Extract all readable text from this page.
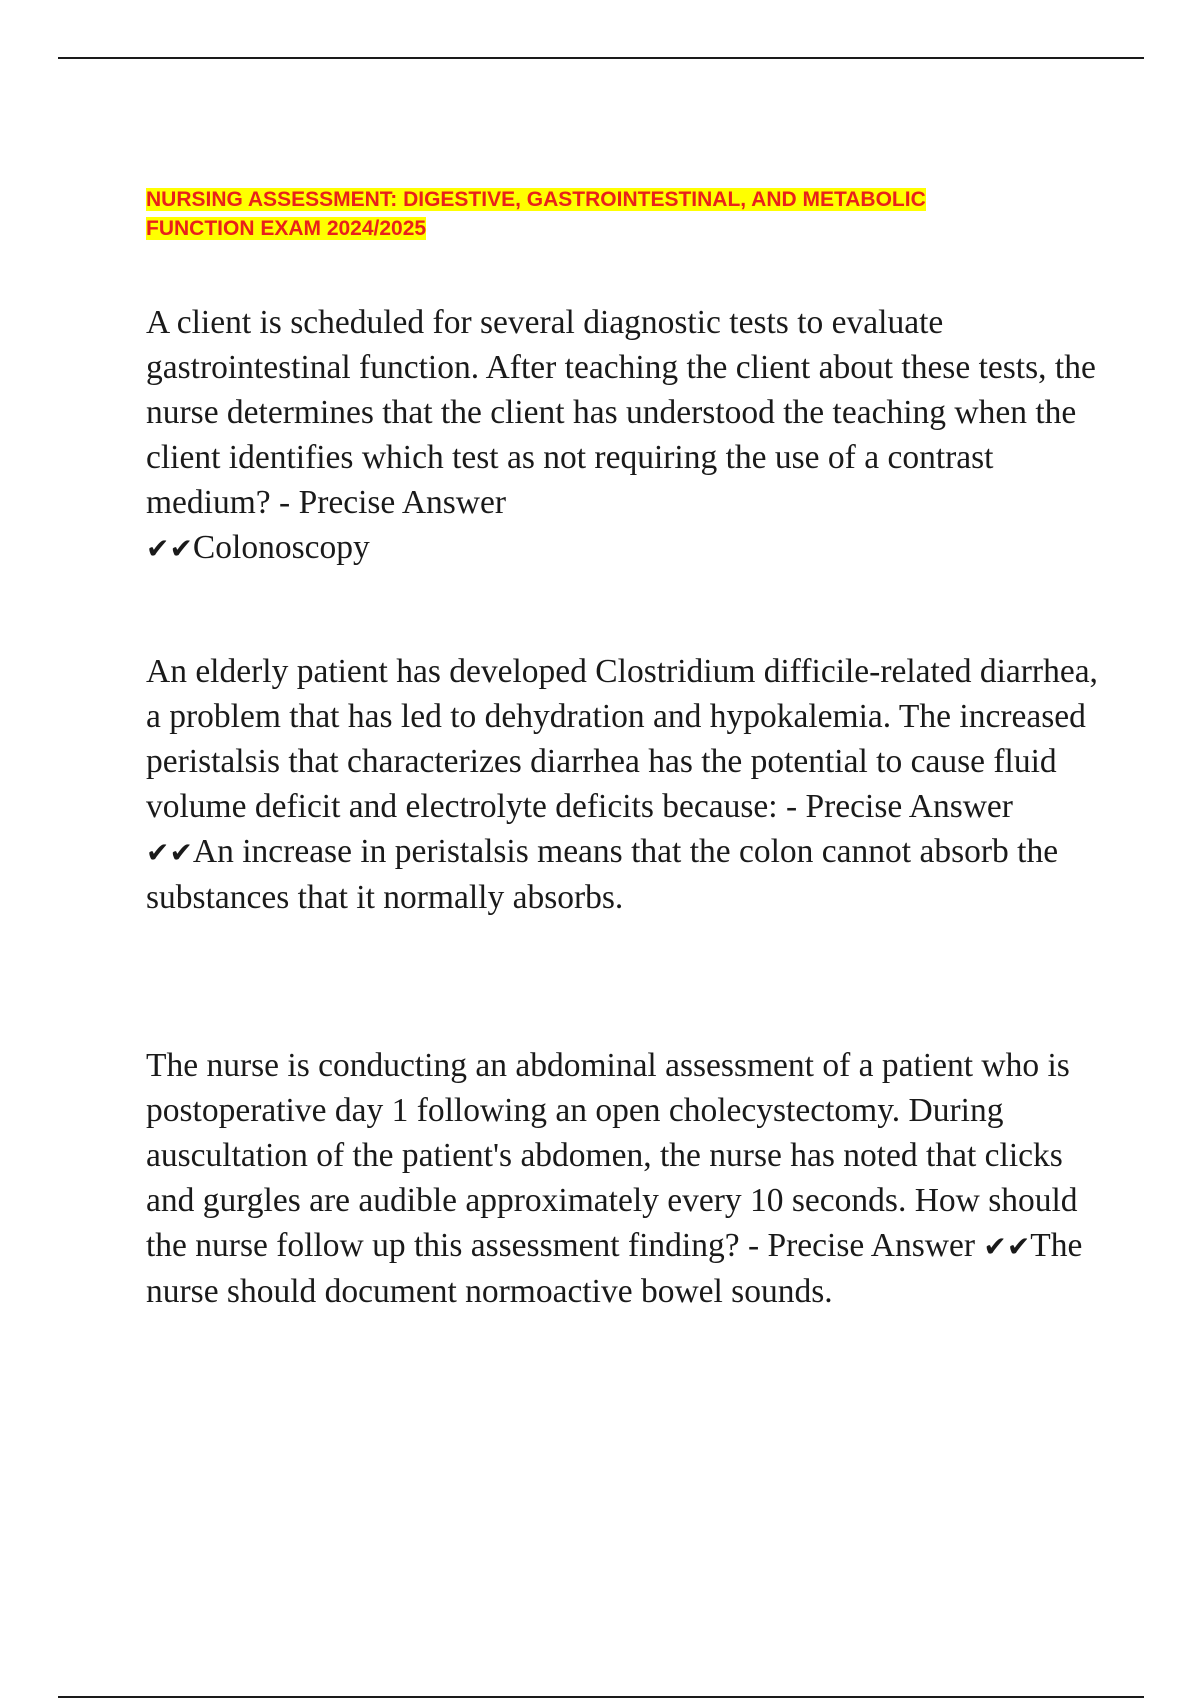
NURSING ASSESSMENT: DIGESTIVE, GASTROINTESTINAL, AND METABOLIC
FUNCTION EXAM 2024/2025

A client is scheduled for several diagnostic tests to evaluate gastrointestinal function. After teaching the client about these tests, the nurse determines that the client has understood the teaching when the client identifies which test as not requiring the use of a contrast medium? - Precise Answer
✔✔Colonoscopy

An elderly patient has developed Clostridium difficile-related diarrhea, a problem that has led to dehydration and hypokalemia. The increased peristalsis that characterizes diarrhea has the potential to cause fluid volume deficit and electrolyte deficits because: - Precise Answer ✔✔An increase in peristalsis means that the colon cannot absorb the substances that it normally absorbs.

The nurse is conducting an abdominal assessment of a patient who is postoperative day 1 following an open cholecystectomy. During auscultation of the patient's abdomen, the nurse has noted that clicks and gurgles are audible approximately every 10 seconds. How should the nurse follow up this assessment finding? - Precise Answer ✔✔The nurse should document normoactive bowel sounds.
